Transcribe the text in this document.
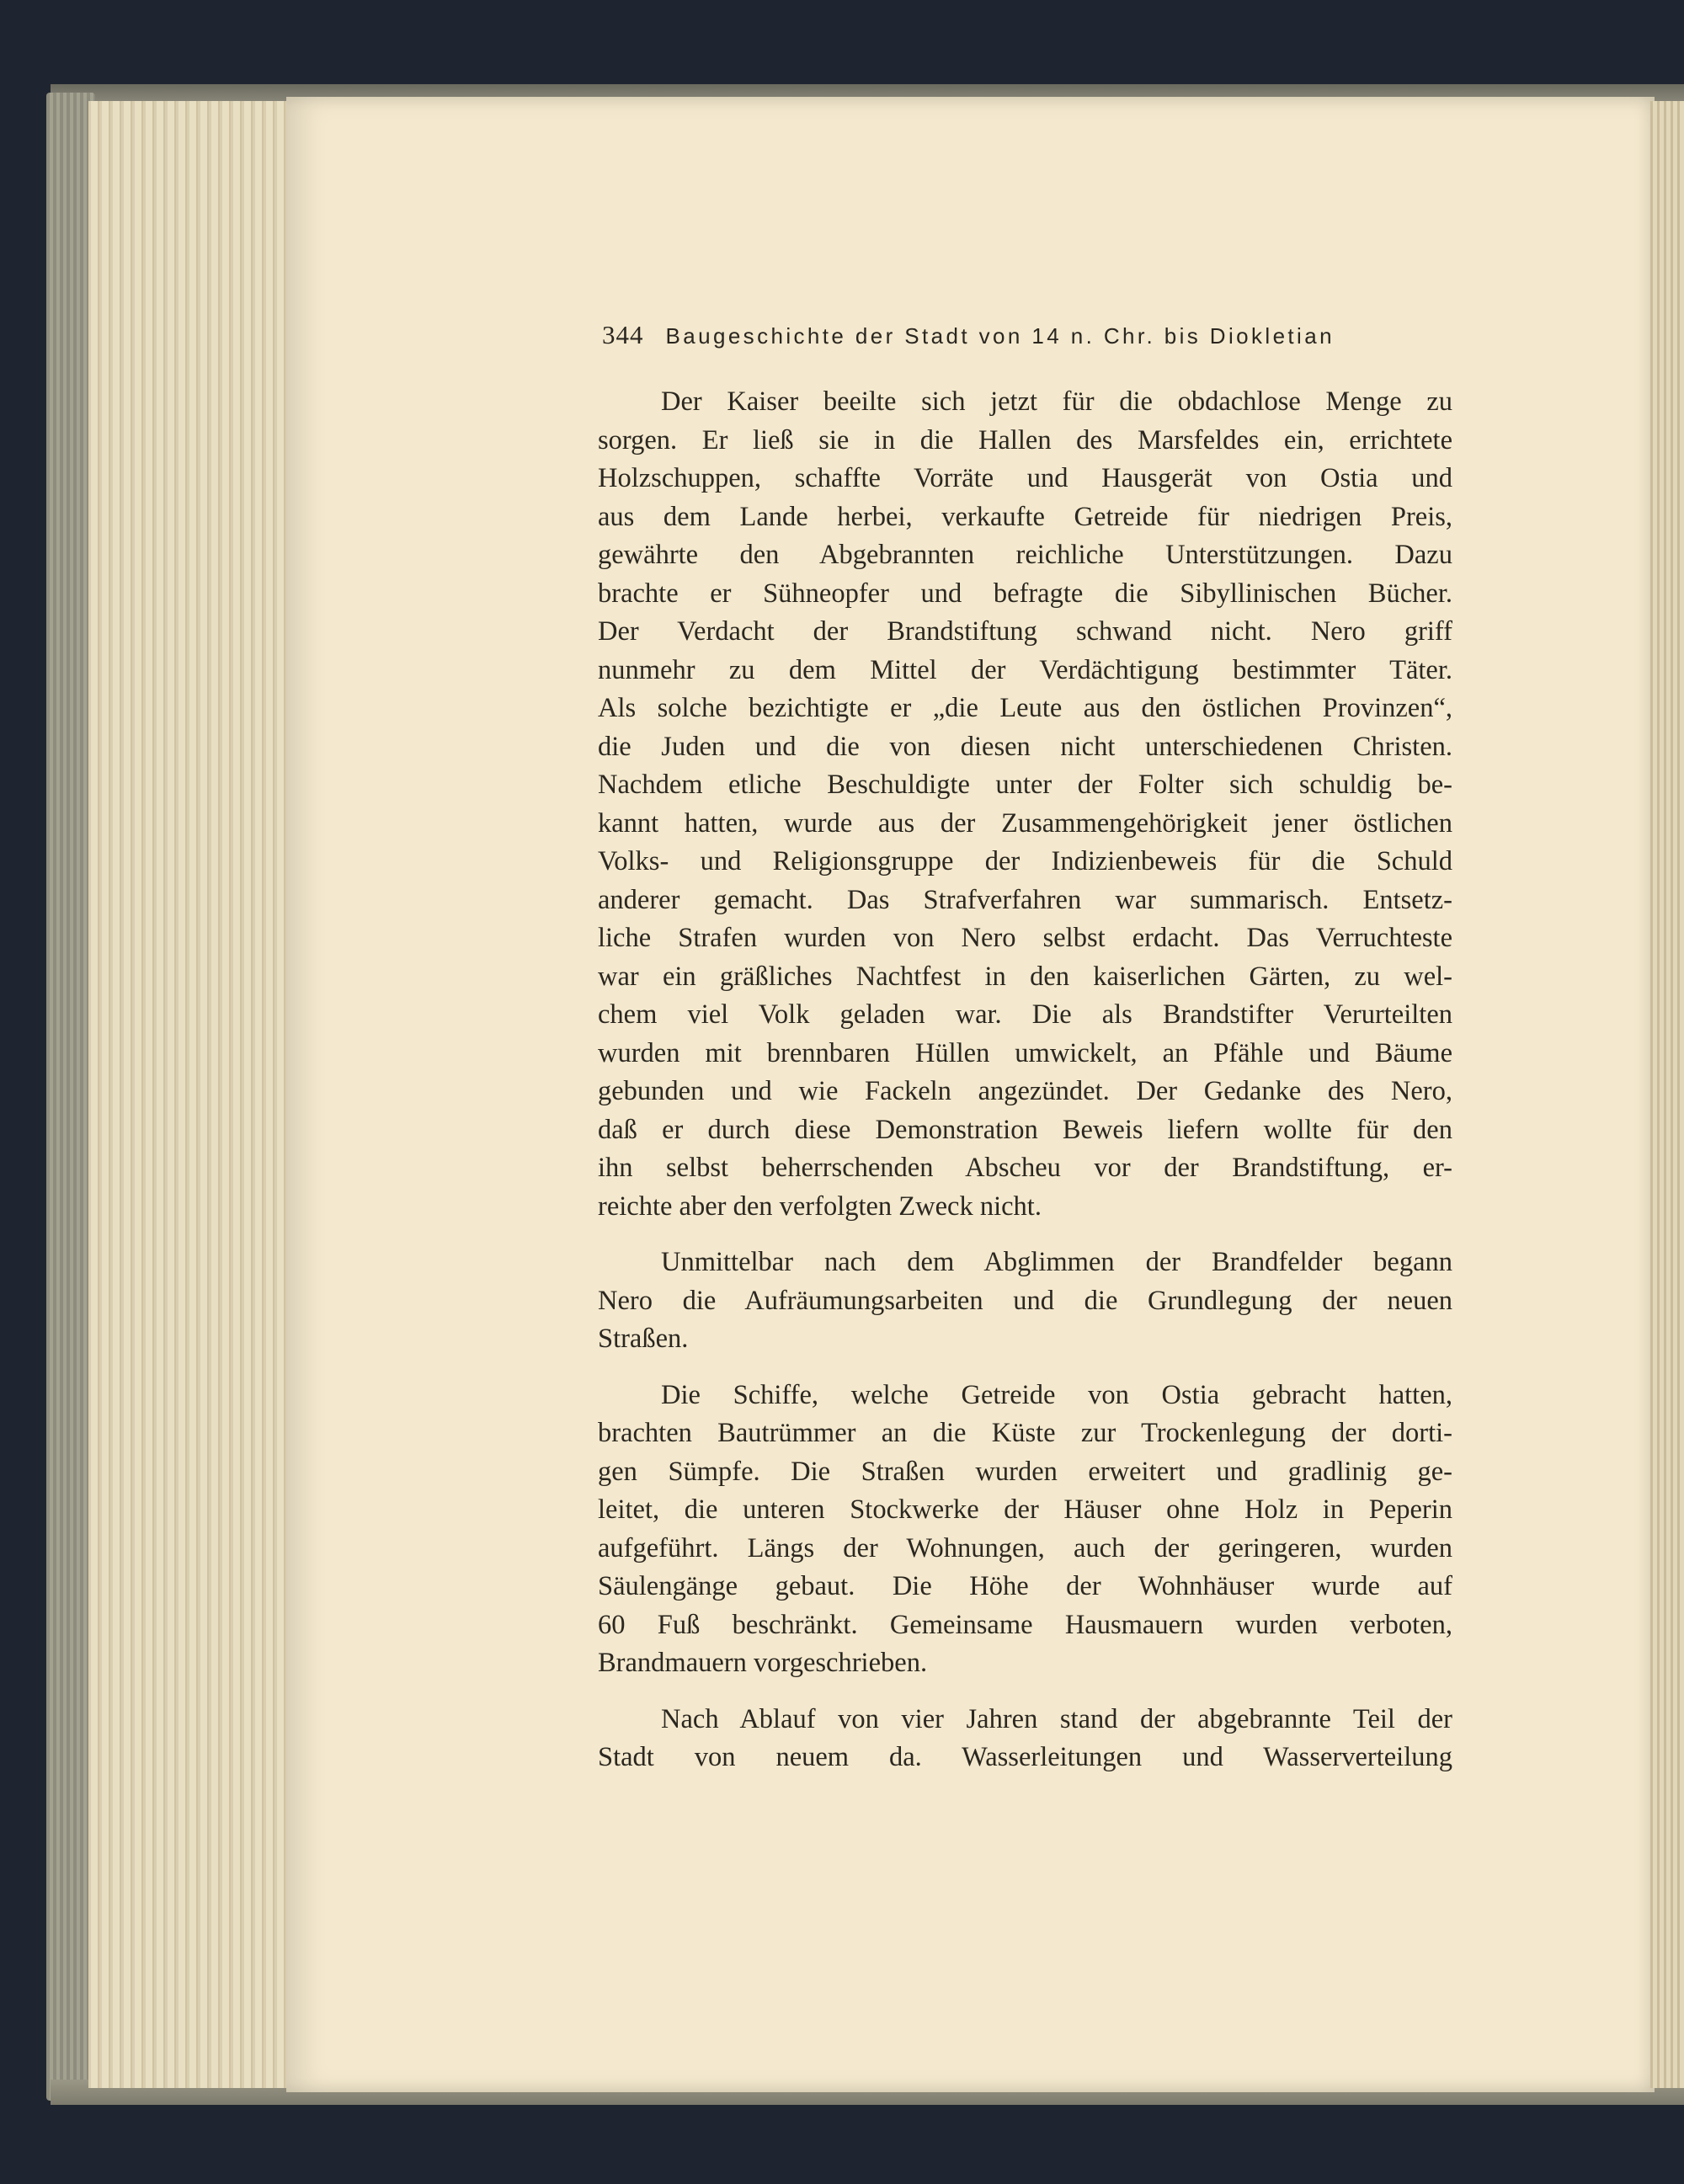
344 Baugeschichte der Stadt von 14 n. Chr. bis Diokletian

Der Kaiser beeilte sich jetzt für die obdachlose Menge zu
sorgen. Er ließ sie in die Hallen des Marsfeldes ein, errichtete
Holzschuppen, schaffte Vorräte und Hausgerät von Ostia und
aus dem Lande herbei, verkaufte Getreide für niedrigen Preis,
gewährte den Abgebrannten reichliche Unterstützungen. Dazu
brachte er Sühneopfer und befragte die Sibyllinischen Bücher.
Der Verdacht der Brandstiftung schwand nicht. Nero griff
nunmehr zu dem Mittel der Verdächtigung bestimmter Täter.
Als solche bezichtigte er „die Leute aus den östlichen Provinzen“,
die Juden und die von diesen nicht unterschiedenen Christen.
Nachdem etliche Beschuldigte unter der Folter sich schuldig be-
kannt hatten, wurde aus der Zusammengehörigkeit jener östlichen
Volks- und Religionsgruppe der Indizienbeweis für die Schuld
anderer gemacht. Das Strafverfahren war summarisch. Entsetz-
liche Strafen wurden von Nero selbst erdacht. Das Verruchteste
war ein gräßliches Nachtfest in den kaiserlichen Gärten, zu wel-
chem viel Volk geladen war. Die als Brandstifter Verurteilten
wurden mit brennbaren Hüllen umwickelt, an Pfähle und Bäume
gebunden und wie Fackeln angezündet. Der Gedanke des Nero,
daß er durch diese Demonstration Beweis liefern wollte für den
ihn selbst beherrschenden Abscheu vor der Brandstiftung, er-
reichte aber den verfolgten Zweck nicht.

Unmittelbar nach dem Abglimmen der Brandfelder begann
Nero die Aufräumungsarbeiten und die Grundlegung der neuen
Straßen.

Die Schiffe, welche Getreide von Ostia gebracht hatten,
brachten Bautrümmer an die Küste zur Trockenlegung der dorti-
gen Sümpfe. Die Straßen wurden erweitert und gradlinig ge-
leitet, die unteren Stockwerke der Häuser ohne Holz in Peperin
aufgeführt. Längs der Wohnungen, auch der geringeren, wurden
Säulengänge gebaut. Die Höhe der Wohnhäuser wurde auf
60 Fuß beschränkt. Gemeinsame Hausmauern wurden verboten,
Brandmauern vorgeschrieben.

Nach Ablauf von vier Jahren stand der abgebrannte Teil der
Stadt von neuem da. Wasserleitungen und Wasserverteilung
